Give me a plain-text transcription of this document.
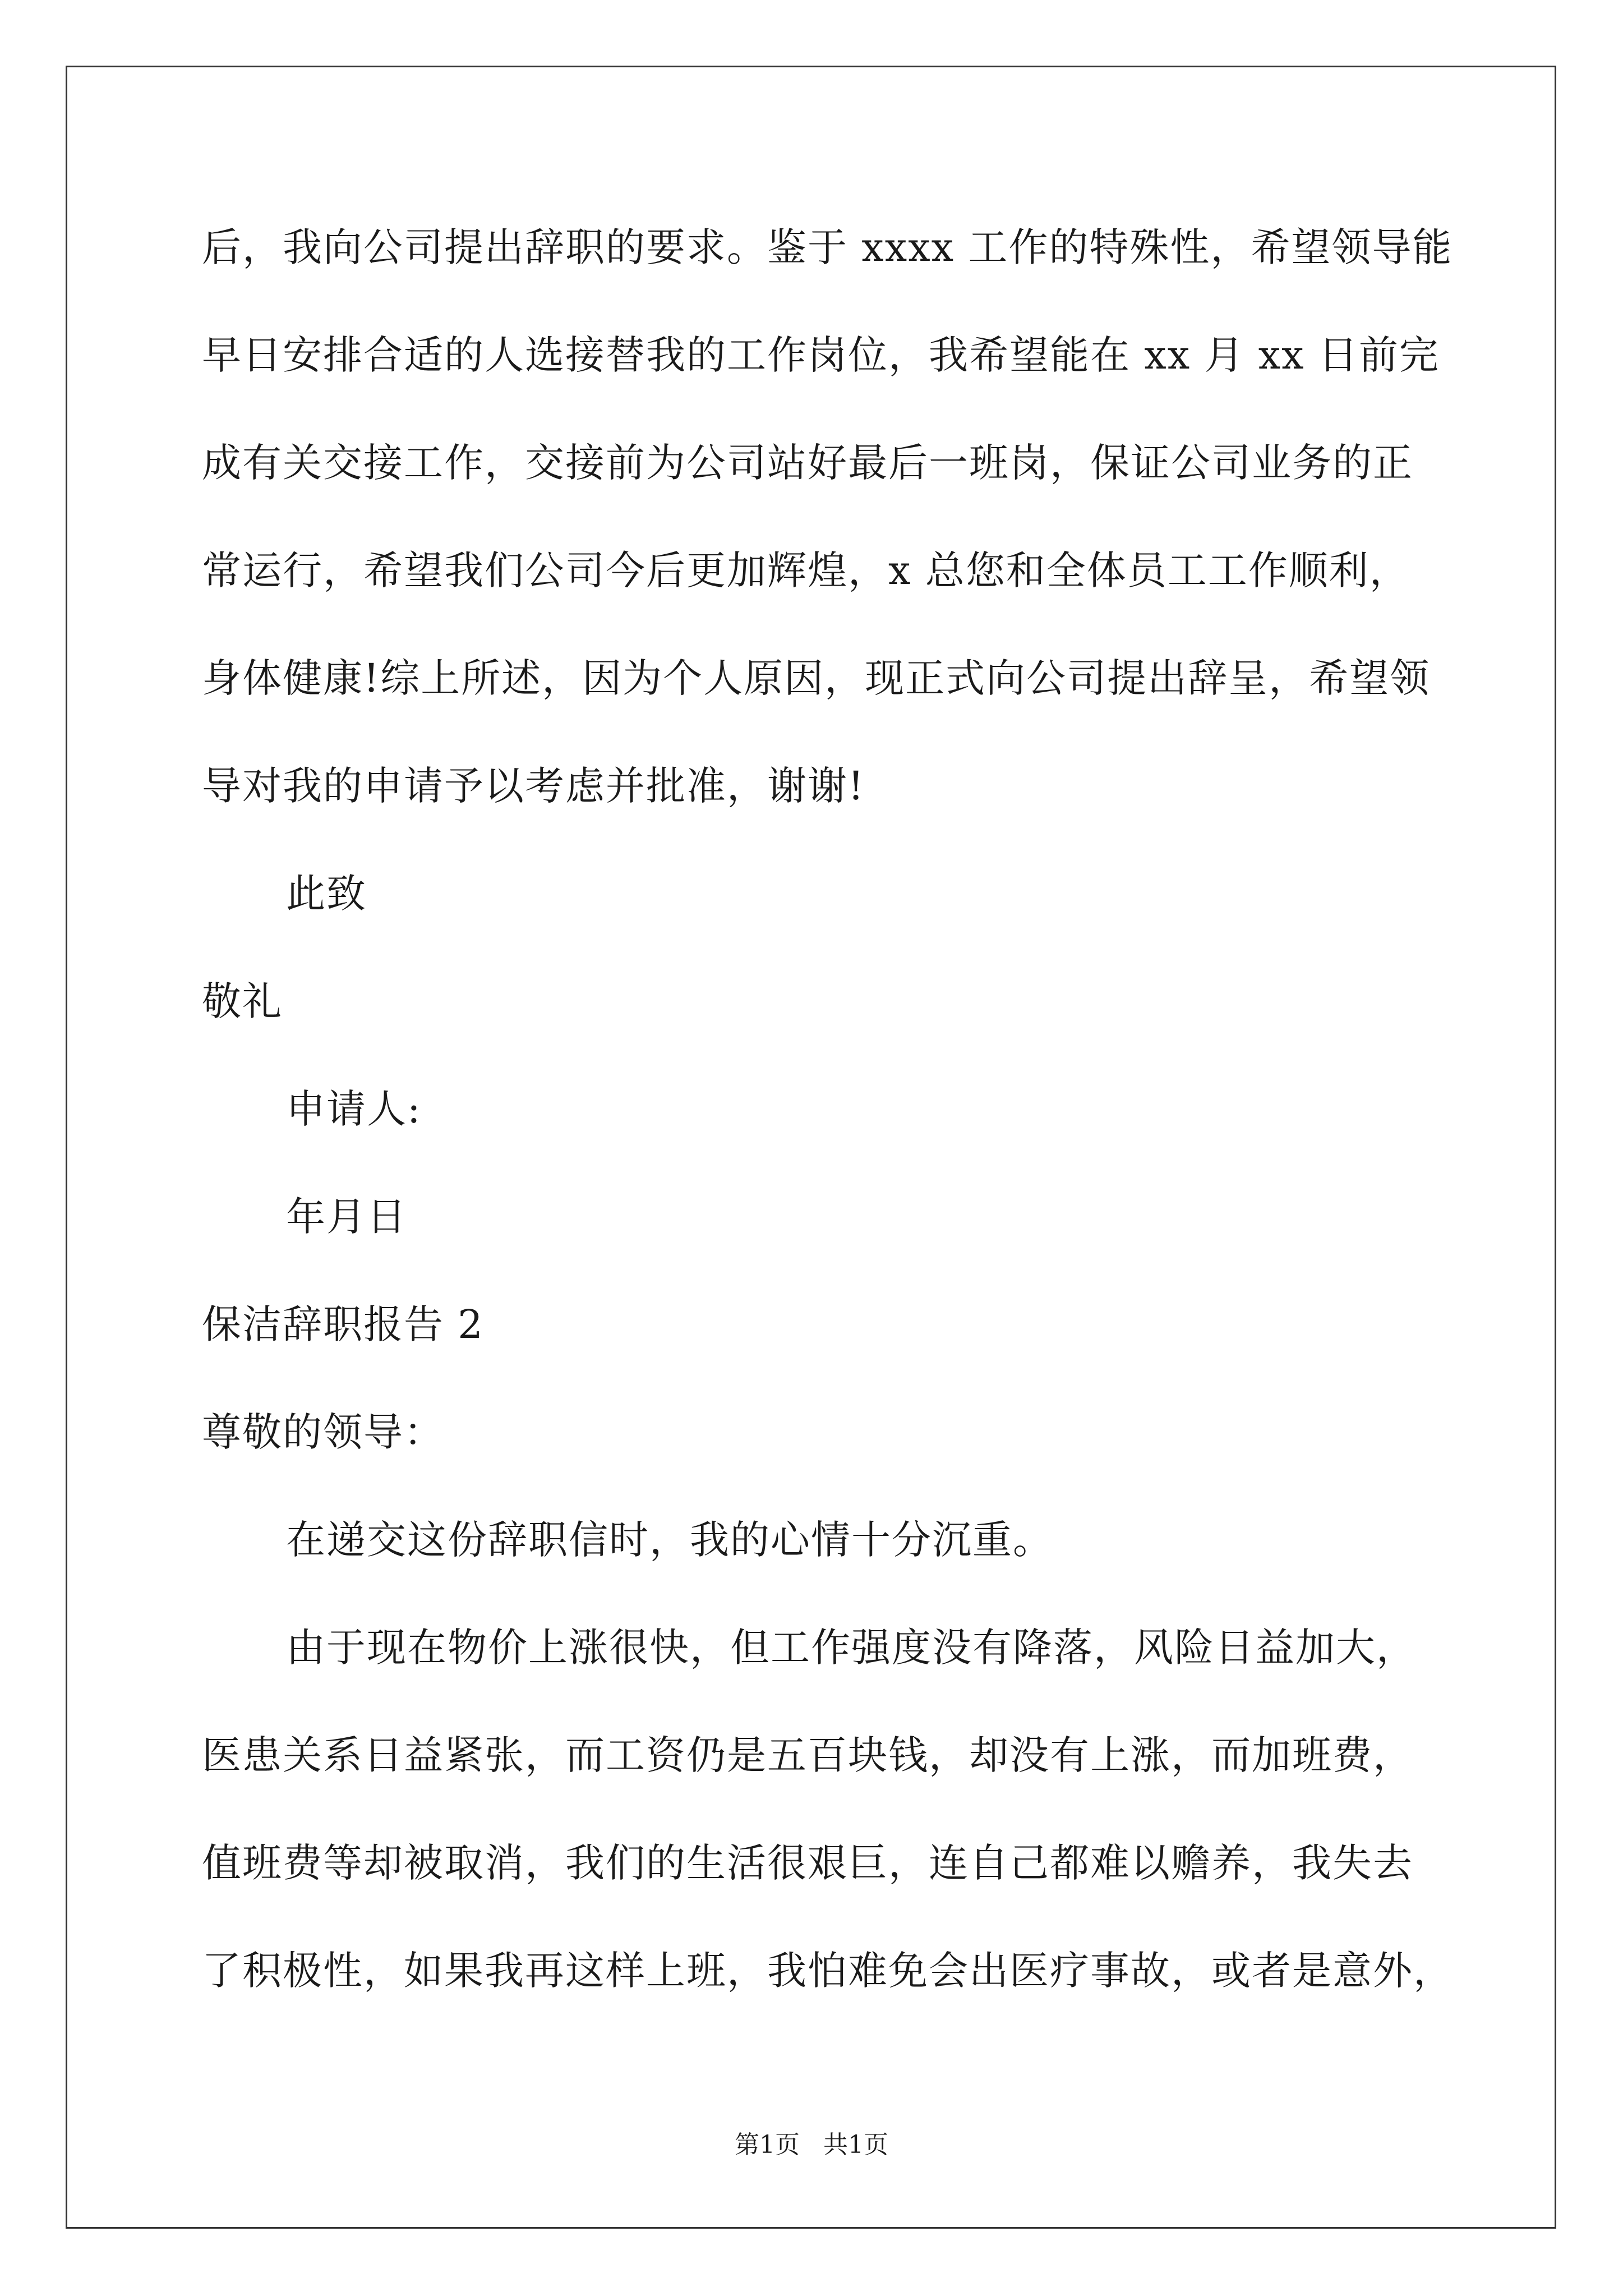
后，我向公司提出辞职的要求。鉴于 xxxx 工作的特殊性，希望领导能
早日安排合适的人选接替我的工作岗位，我希望能在 xx 月 xx 日前完
成有关交接工作，交接前为公司站好最后一班岗，保证公司业务的正
常运行，希望我们公司今后更加辉煌，x 总您和全体员工工作顺利，
身体健康!综上所述，因为个人原因，现正式向公司提出辞呈，希望领
导对我的申请予以考虑并批准，谢谢!
此致
敬礼
申请人:
年月日
保洁辞职报告 2
尊敬的领导：
在递交这份辞职信时，我的心情十分沉重。
由于现在物价上涨很快，但工作强度没有降落，风险日益加大，
医患关系日益紧张，而工资仍是五百块钱，却没有上涨，而加班费，
值班费等却被取消，我们的生活很艰巨，连自己都难以赡养，我失去
了积极性，如果我再这样上班，我怕难免会出医疗事故，或者是意外，
第1页 共1页
